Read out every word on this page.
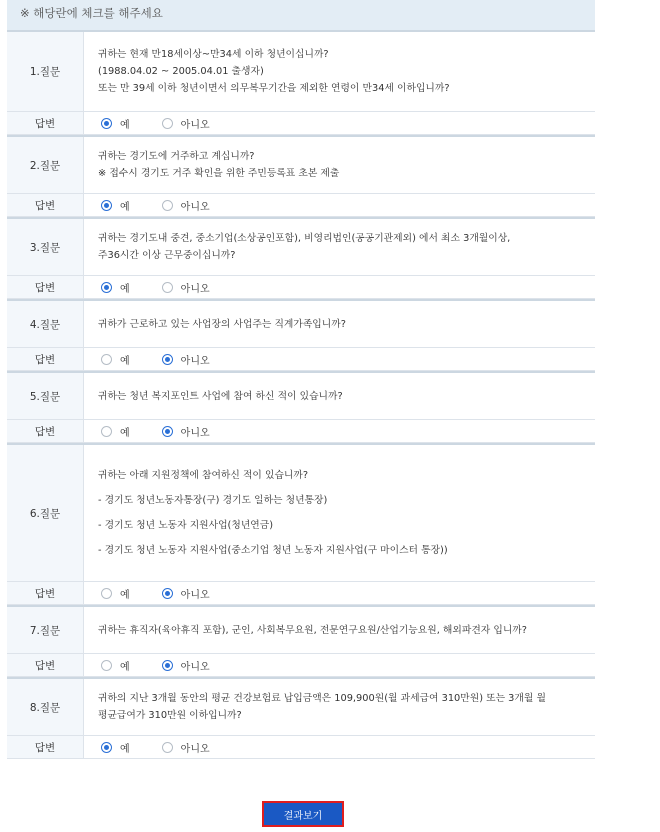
※ 해당란에 체크를 해주세요
1.질문
귀하는 현재 만18세이상~만34세 이하 청년이십니까?
(1988.04.02 ~ 2005.04.01 출생자)
또는 만 39세 이하 청년이면서 의무복무기간을 제외한 연령이 만34세 이하입니까?
답변	예	아니오
2.질문
귀하는 경기도에 거주하고 계십니까?
※ 접수시 경기도 거주 확인을 위한 주민등록표 초본 제출
답변	예	아니오
3.질문
귀하는 경기도내 중견, 중소기업(소상공인포함), 비영리법인(공공기관제외) 에서 최소 3개월이상,
주36시간 이상 근무중이십니까?
답변	예	아니오
4.질문	귀하가 근로하고 있는 사업장의 사업주는 직계가족입니까?
답변	예	아니오
5.질문	귀하는 청년 복지포인트 사업에 참여 하신 적이 있습니까?
답변	예	아니오
6.질문
귀하는 아래 지원정책에 참여하신 적이 있습니까?
- 경기도 청년노동자통장(구) 경기도 일하는 청년통장)
- 경기도 청년 노동자 지원사업(청년연금)
- 경기도 청년 노동자 지원사업(중소기업 청년 노동자 지원사업(구 마이스터 통장))
답변	예	아니오
7.질문	귀하는 휴직자(육아휴직 포함), 군인, 사회복무요원, 전문연구요원/산업기능요원, 해외파견자 입니까?
답변	예	아니오
8.질문
귀하의 지난 3개월 동안의 평균 건강보험료 납입금액은 109,900원(월 과세급여 310만원) 또는 3개월 월
평균급여가 310만원 이하입니까?
답변	예	아니오
결과보기
